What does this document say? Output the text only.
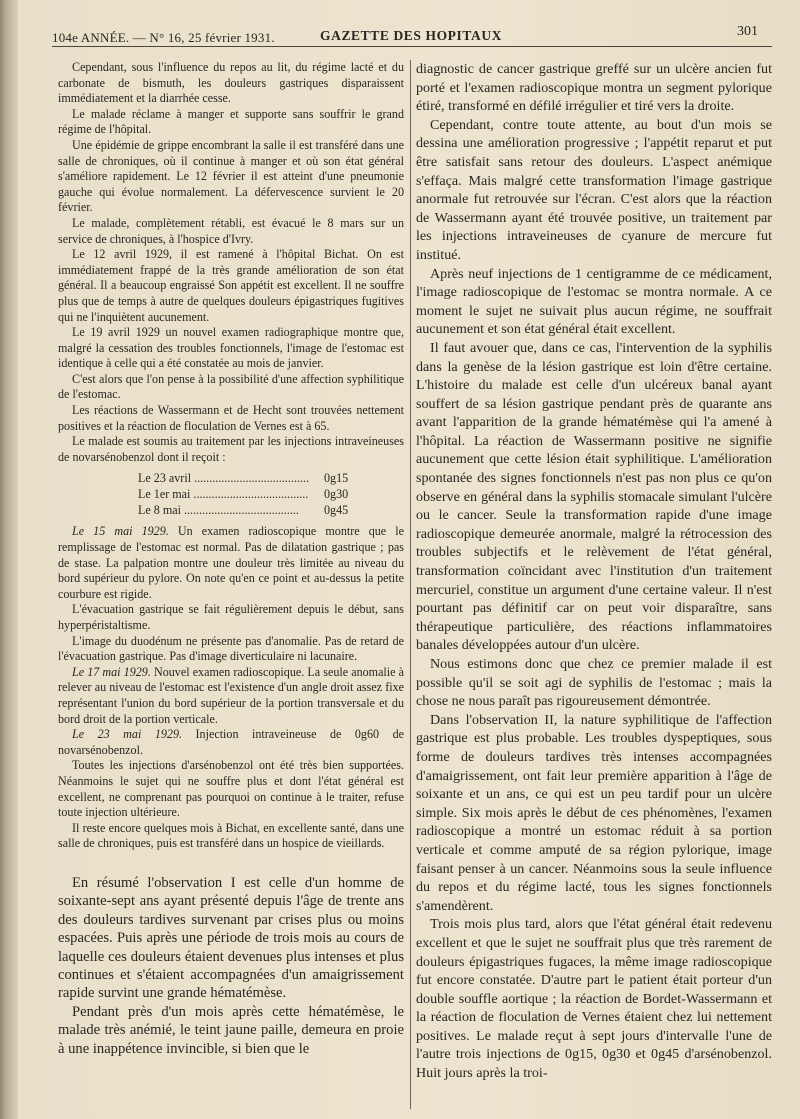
104e ANNÉE. — N° 16, 25 février 1931.	GAZETTE DES HOPITAUX	301

Cependant, sous l'influence du repos au lit, du régime lacté et du carbonate de bismuth, les douleurs gastriques disparaissent immédiatement et la diarrhée cesse.

Le malade réclame à manger et supporte sans souffrir le grand régime de l'hôpital.

Une épidémie de grippe encombrant la salle il est transféré dans une salle de chroniques, où il continue à manger et où son état général s'améliore rapidement. Le 12 février il est atteint d'une pneumonie gauche qui évolue normalement. La défervescence survient le 20 février.

Le malade, complètement rétabli, est évacué le 8 mars sur un service de chroniques, à l'hospice d'Ivry.

Le 12 avril 1929, il est ramené à l'hôpital Bichat. On est immédiatement frappé de la très grande amélioration de son état général. Il a beaucoup engraissé Son appétit est excellent. Il ne souffre plus que de temps à autre de quelques douleurs épigastriques fugitives qui ne l'inquiètent aucunement.

Le 19 avril 1929 un nouvel examen radiographique montre que, malgré la cessation des troubles fonctionnels, l'image de l'estomac est identique à celle qui a été constatée au mois de janvier.

C'est alors que l'on pense à la possibilité d'une affection syphilitique de l'estomac.

Les réactions de Wassermann et de Hecht sont trouvées nettement positives et la réaction de floculation de Vernes est à 65.

Le malade est soumis au traitement par les injections intraveineuses de novarsénobenzol dont il reçoit :

Le 23 avril .....	0g15
Le 1er mai .....	0g30
Le 8 mai .....	0g45

Le 15 mai 1929. Un examen radioscopique montre que le remplissage de l'estomac est normal. Pas de dilatation gastrique ; pas de stase. La palpation montre une douleur très limitée au niveau du bord supérieur du pylore. On note qu'en ce point et au-dessus la petite courbure est rigide.

L'évacuation gastrique se fait régulièrement depuis le début, sans hyperpéristaltisme.

L'image du duodénum ne présente pas d'anomalie. Pas de retard de l'évacuation gastrique. Pas d'image diverticulaire ni lacunaire.

Le 17 mai 1929. Nouvel examen radioscopique. La seule anomalie à relever au niveau de l'estomac est l'existence d'un angle droit assez fixe représentant l'union du bord supérieur de la portion transversale et du bord droit de la portion verticale.

Le 23 mai 1929. Injection intraveineuse de 0g60 de novarsénobenzol.

Toutes les injections d'arsénobenzol ont été très bien supportées. Néanmoins le sujet qui ne souffre plus et dont l'état général est excellent, ne comprenant pas pourquoi on continue à le traiter, refuse toute injection ultérieure.

Il reste encore quelques mois à Bichat, en excellente santé, dans une salle de chroniques, puis est transféré dans un hospice de vieillards.

En résumé l'observation I est celle d'un homme de soixante-sept ans ayant présenté depuis l'âge de trente ans des douleurs tardives survenant par crises plus ou moins espacées. Puis après une période de trois mois au cours de laquelle ces douleurs étaient devenues plus intenses et plus continues et s'étaient accompagnées d'un amaigrissement rapide survint une grande hématémèse.

Pendant près d'un mois après cette hématémèse, le malade très anémié, le teint jaune paille, demeura en proie à une inappétence invincible, si bien que le

diagnostic de cancer gastrique greffé sur un ulcère ancien fut porté et l'examen radioscopique montra un segment pylorique étiré, transformé en défilé irrégulier et tiré vers la droite.

Cependant, contre toute attente, au bout d'un mois se dessina une amélioration progressive ; l'appétit reparut et put être satisfait sans retour des douleurs. L'aspect anémique s'effaça. Mais malgré cette transformation l'image gastrique anormale fut retrouvée sur l'écran. C'est alors que la réaction de Wassermann ayant été trouvée positive, un traitement par les injections intraveineuses de cyanure de mercure fut institué.

Après neuf injections de 1 centigramme de ce médicament, l'image radioscopique de l'estomac se montra normale. A ce moment le sujet ne suivait plus aucun régime, ne souffrait aucunement et son état général était excellent.

Il faut avouer que, dans ce cas, l'intervention de la syphilis dans la genèse de la lésion gastrique est loin d'être certaine. L'histoire du malade est celle d'un ulcéreux banal ayant souffert de sa lésion gastrique pendant près de quarante ans avant l'apparition de la grande hématémèse qui l'a amené à l'hôpital. La réaction de Wassermann positive ne signifie aucunement que cette lésion était syphilitique. L'amélioration spontanée des signes fonctionnels n'est pas non plus ce qu'on observe en général dans la syphilis stomacale simulant l'ulcère ou le cancer. Seule la transformation rapide d'une image radioscopique demeurée anormale, malgré la rétrocession des troubles subjectifs et le relèvement de l'état général, transformation coïncidant avec l'institution d'un traitement mercuriel, constitue un argument d'une certaine valeur. Il n'est pourtant pas définitif car on peut voir disparaître, sans thérapeutique particulière, des réactions inflammatoires banales développées autour d'un ulcère.

Nous estimons donc que chez ce premier malade il est possible qu'il se soit agi de syphilis de l'estomac ; mais la chose ne nous paraît pas rigoureusement démontrée.

Dans l'observation II, la nature syphilitique de l'affection gastrique est plus probable. Les troubles dyspeptiques, sous forme de douleurs tardives très intenses accompagnées d'amaigrissement, ont fait leur première apparition à l'âge de soixante et un ans, ce qui est un peu tardif pour un ulcère simple. Six mois après le début de ces phénomènes, l'examen radioscopique a montré un estomac réduit à sa portion verticale et comme amputé de sa région pylorique, image faisant penser à un cancer. Néanmoins sous la seule influence du repos et du régime lacté, tous les signes fonctionnels s'amendèrent.

Trois mois plus tard, alors que l'état général était redevenu excellent et que le sujet ne souffrait plus que très rarement de douleurs épigastriques fugaces, la même image radioscopique fut encore constatée. D'autre part le patient était porteur d'un double souffle aortique ; la réaction de Bordet-Wassermann et la réaction de floculation de Vernes étaient chez lui nettement positives. Le malade reçut à sept jours d'intervalle l'une de l'autre trois injections de 0g15, 0g30 et 0g45 d'arsénobenzol. Huit jours après la troi-
